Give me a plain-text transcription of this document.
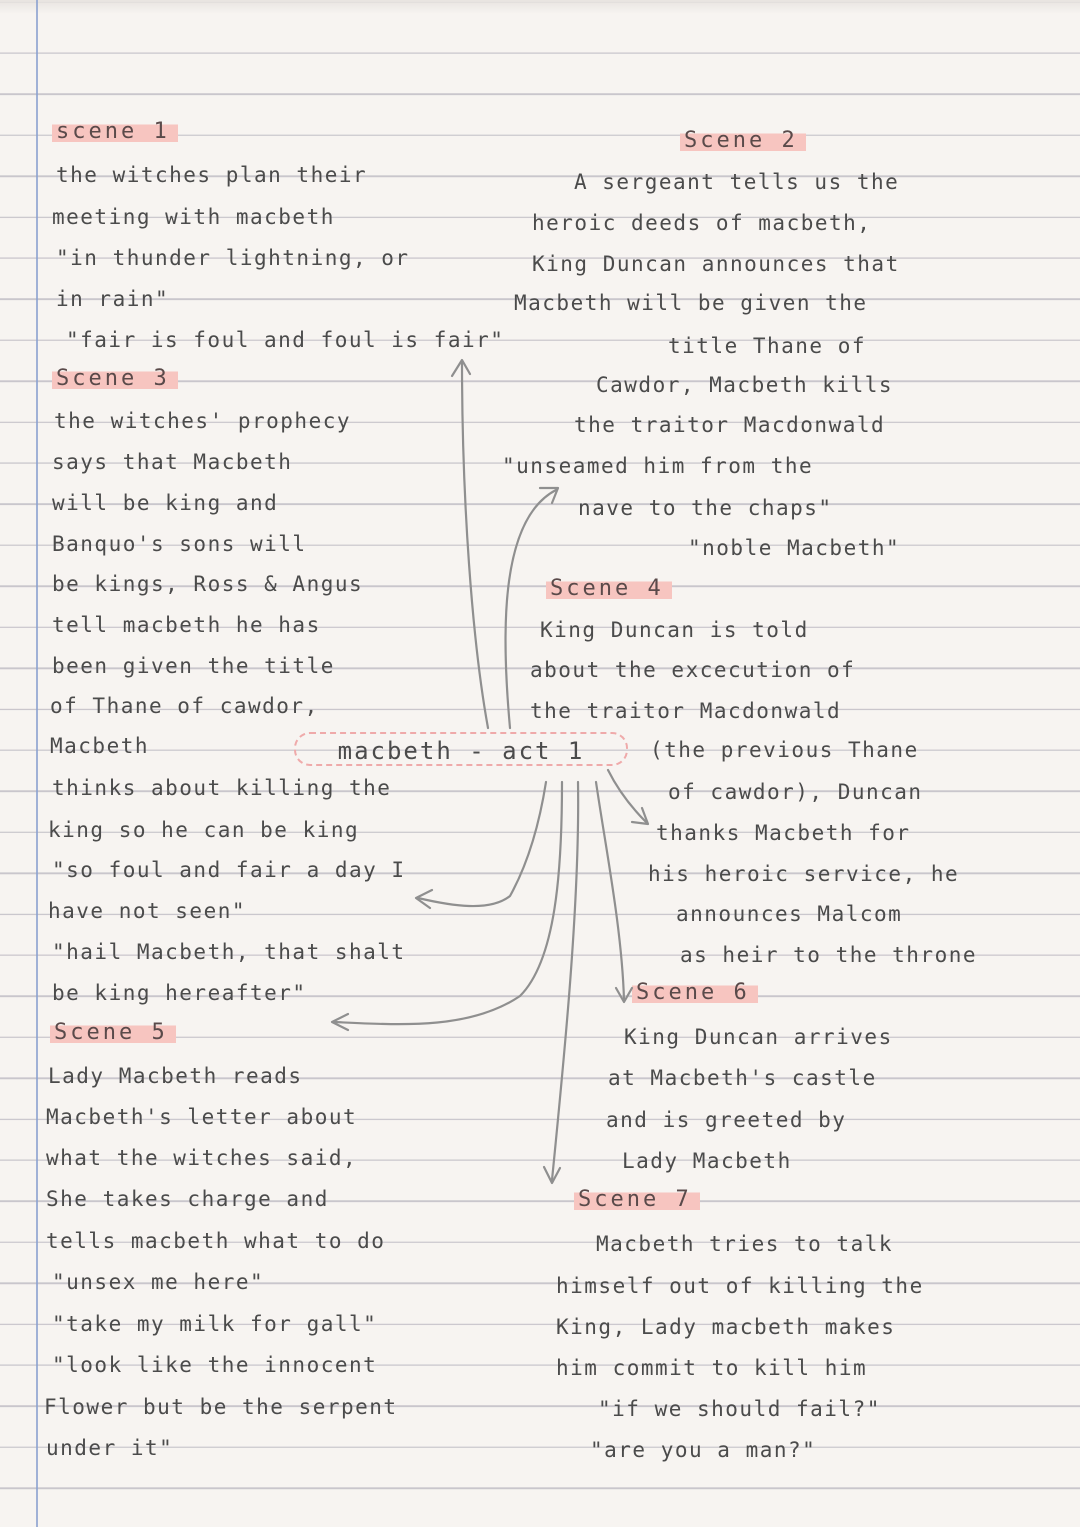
scene 1
the witches plan their
meeting with macbeth
"in thunder lightning, or
in rain"
"fair is foul and foul is fair"
Scene 2
A sergeant tells us the
heroic deeds of macbeth,
King Duncan announces that
Macbeth will be given the
title Thane of
Cawdor, Macbeth kills
the traitor Macdonwald
"unseamed him from the
nave to the chaps"
"noble Macbeth"
Scene 3
the witches' prophecy
says that Macbeth
will be king and
Banquo's sons will
be kings, Ross & Angus
tell macbeth he has
been given the title
of Thane of cawdor,
Macbeth
thinks about killing the
king so he can be king
"so foul and fair a day I
have not seen"
"hail Macbeth, that shalt
be king hereafter"
macbeth - act 1
Scene 4
King Duncan is told
about the excecution of
the traitor Macdonwald
(the previous Thane
of cawdor), Duncan
thanks Macbeth for
his heroic service, he
announces Malcom
as heir to the throne
Scene 5
Lady Macbeth reads
Macbeth's letter about
what the witches said,
She takes charge and
tells macbeth what to do
"unsex me here"
"take my milk for gall"
"look like the innocent
Flower but be the serpent
under it"
Scene 6
King Duncan arrives
at Macbeth's castle
and is greeted by
Lady Macbeth
Scene 7
Macbeth tries to talk
himself out of killing the
King, Lady macbeth makes
him commit to kill him
"if we should fail?"
"are you a man?"
